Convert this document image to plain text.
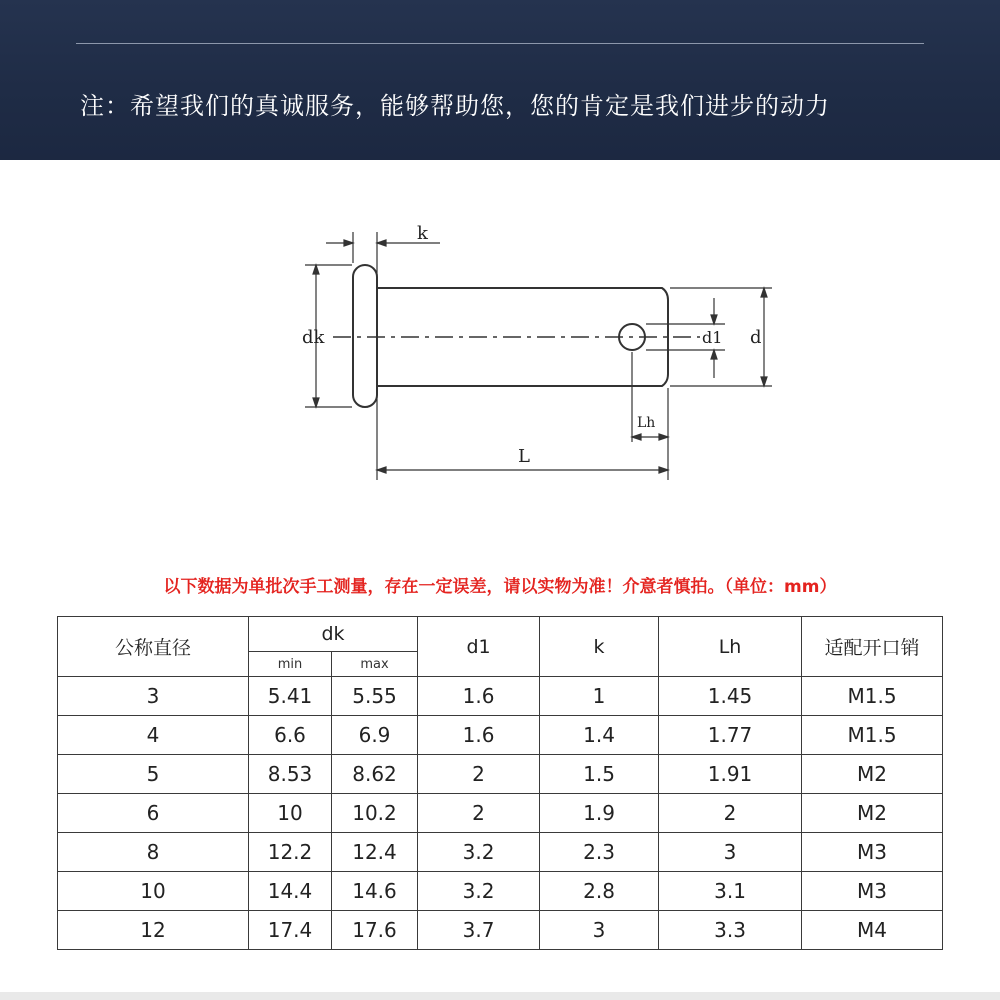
注：希望我们的真诚服务，能够帮助您，您的肯定是我们进步的动力
k
dk	d1 d
Lh
L
以下数据为单批次手工测量，存在一定误差，请以实物为准！介意者慎拍。（单位：mm）
公称直径	dk		d1	k	Lh	适配开口销
	min	max				
3	5.41	5.55	1.6	1	1.45	M1.5
4	6.6	6.9	1.6	1.4	1.77	M1.5
5	8.53	8.62	2	1.5	1.91	M2
6	10	10.2	2	1.9	2	M2
8	12.2	12.4	3.2	2.3	3	M3
10	14.4	14.6	3.2	2.8	3.1	M3
12	17.4	17.6	3.7	3	3.3	M4
